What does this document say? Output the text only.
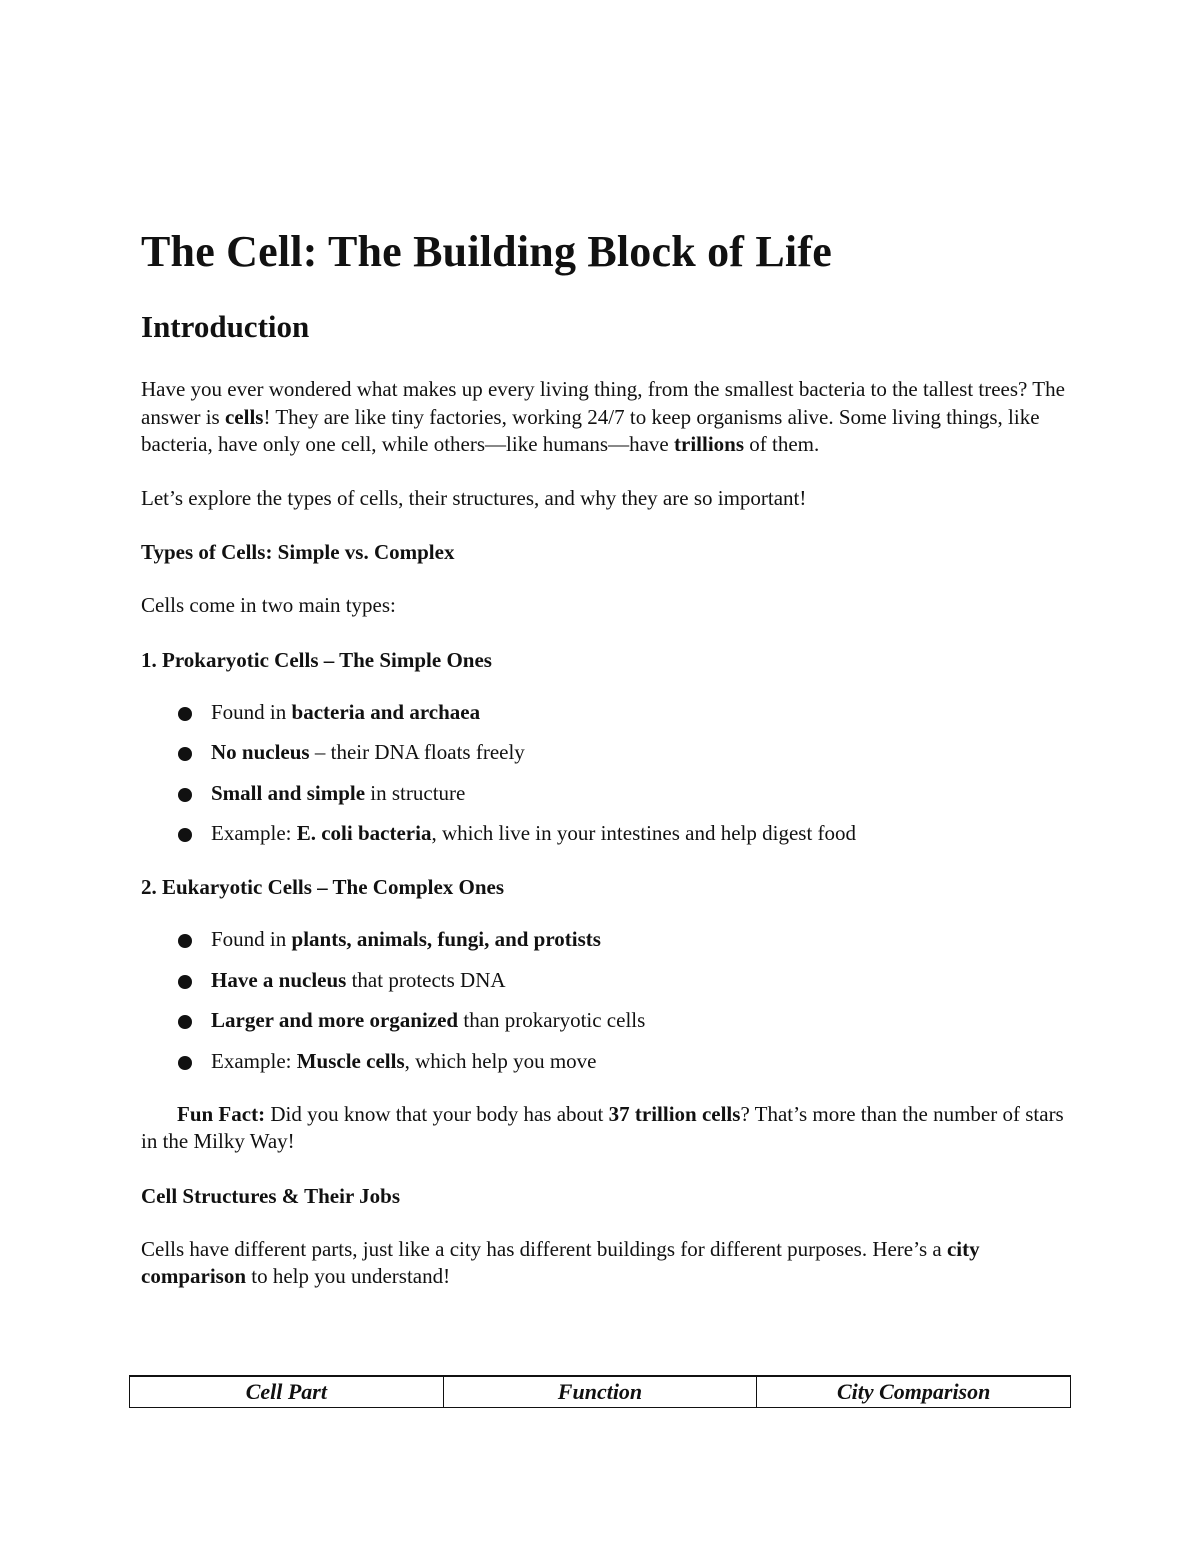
The Cell: The Building Block of Life
Introduction

Have you ever wondered what makes up every living thing, from the smallest bacteria to the tallest trees? The answer is cells! They are like tiny factories, working 24/7 to keep organisms alive. Some living things, like bacteria, have only one cell, while others—like humans—have trillions of them.

Let’s explore the types of cells, their structures, and why they are so important!

Types of Cells: Simple vs. Complex

Cells come in two main types:

1. Prokaryotic Cells – The Simple Ones
Found in bacteria and archaea
No nucleus – their DNA floats freely
Small and simple in structure
Example: E. coli bacteria, which live in your intestines and help digest food
2. Eukaryotic Cells – The Complex Ones
Found in plants, animals, fungi, and protists
Have a nucleus that protects DNA
Larger and more organized than prokaryotic cells
Example: Muscle cells, which help you move

Fun Fact: Did you know that your body has about 37 trillion cells? That’s more than the number of stars in the Milky Way!

Cell Structures & Their Jobs

Cells have different parts, just like a city has different buildings for different purposes. Here’s a city comparison to help you understand!

Cell Part	Function	City Comparison
